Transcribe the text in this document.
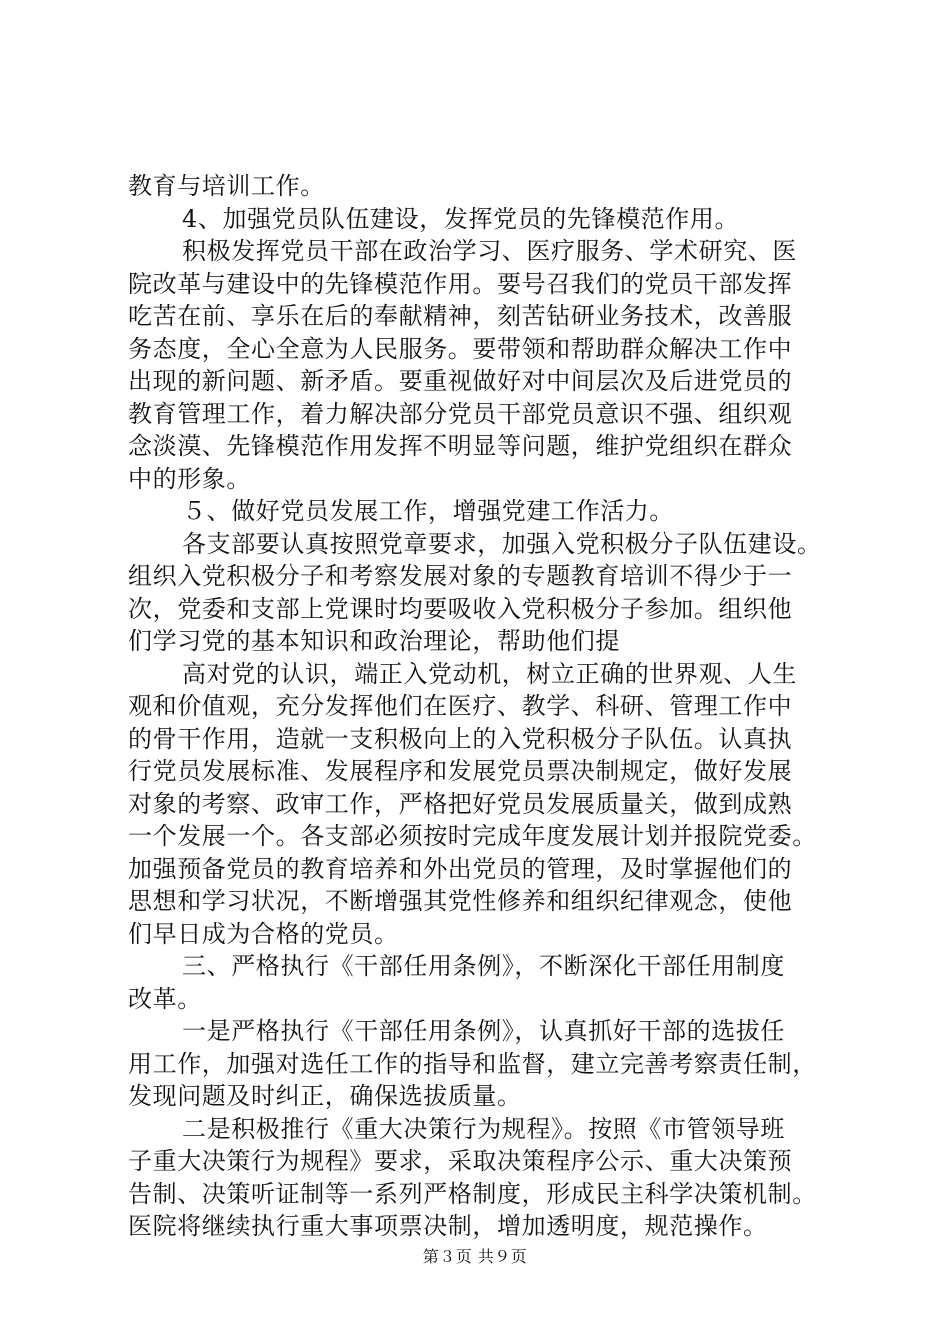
教育与培训工作。
4、加强党员队伍建设，发挥党员的先锋模范作用。
积极发挥党员干部在政治学习、医疗服务、学术研究、医
院改革与建设中的先锋模范作用。要号召我们的党员干部发挥
吃苦在前、享乐在后的奉献精神，刻苦钻研业务技术，改善服
务态度，全心全意为人民服务。要带领和帮助群众解决工作中
出现的新问题、新矛盾。要重视做好对中间层次及后进党员的
教育管理工作，着力解决部分党员干部党员意识不强、组织观
念淡漠、先锋模范作用发挥不明显等问题，维护党组织在群众
中的形象。
５、做好党员发展工作，增强党建工作活力。
各支部要认真按照党章要求，加强入党积极分子队伍建设。
组织入党积极分子和考察发展对象的专题教育培训不得少于一
次，党委和支部上党课时均要吸收入党积极分子参加。组织他
们学习党的基本知识和政治理论，帮助他们提
高对党的认识，端正入党动机，树立正确的世界观、人生
观和价值观，充分发挥他们在医疗、教学、科研、管理工作中
的骨干作用，造就一支积极向上的入党积极分子队伍。认真执
行党员发展标准、发展程序和发展党员票决制规定，做好发展
对象的考察、政审工作，严格把好党员发展质量关，做到成熟
一个发展一个。各支部必须按时完成年度发展计划并报院党委。
加强预备党员的教育培养和外出党员的管理，及时掌握他们的
思想和学习状况，不断增强其党性修养和组织纪律观念，使他
们早日成为合格的党员。
三、严格执行《干部任用条例》，不断深化干部任用制度
改革。
一是严格执行《干部任用条例》，认真抓好干部的选拔任
用工作，加强对选任工作的指导和监督，建立完善考察责任制，
发现问题及时纠正，确保选拔质量。
二是积极推行《重大决策行为规程》。按照《市管领导班
子重大决策行为规程》要求，采取决策程序公示、重大决策预
告制、决策听证制等一系列严格制度，形成民主科学决策机制。
医院将继续执行重大事项票决制，增加透明度，规范操作。
第３页 共９页
